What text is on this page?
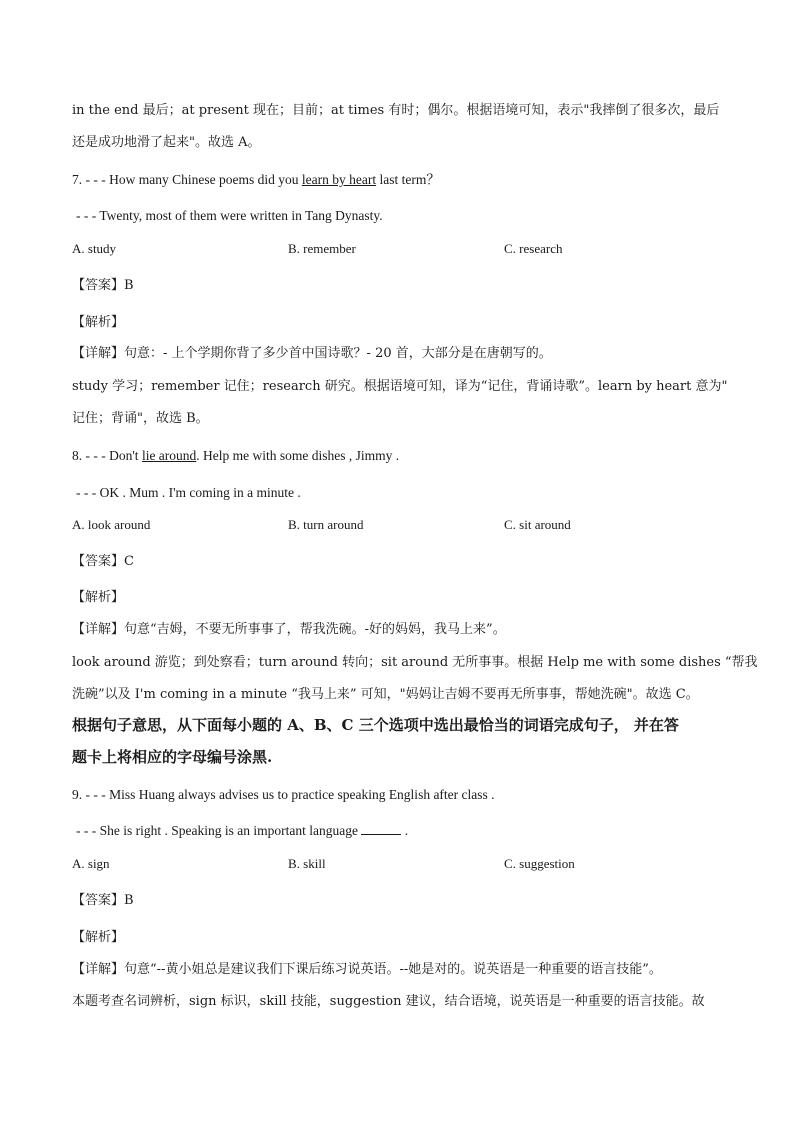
in the end 最后；at present 现在；目前；at times 有时；偶尔。根据语境可知，表示"我摔倒了很多次，最后
还是成功地滑了起来"。故选 A。
7. - - - How many Chinese poems did you learn by heart last term？
- - - Twenty, most of them were written in Tang Dynasty.
A. study	B. remember	C. research
【答案】B
【解析】
【详解】句意：- 上个学期你背了多少首中国诗歌？- 20 首，大部分是在唐朝写的。
study 学习；remember 记住；research 研究。根据语境可知，译为“记住，背诵诗歌”。learn by heart 意为"
记住；背诵"，故选 B。
8. - - - Don't lie around. Help me with some dishes , Jimmy .
- - - OK . Mum . I'm coming in a minute .
A. look around	B. turn around	C. sit around
【答案】C
【解析】
【详解】句意“吉姆，不要无所事事了，帮我洗碗。-好的妈妈，我马上来”。
look around 游览；到处察看；turn around 转向；sit around 无所事事。根据 Help me with some dishes “帮我
洗碗”以及 I'm coming in a minute “我马上来” 可知，"妈妈让吉姆不要再无所事事，帮她洗碗"。故选 C。
根据句子意思，从下面每小题的 A、B、C 三个选项中选出最恰当的词语完成句子， 并在答
题卡上将相应的字母编号涂黑.
9. - - - Miss Huang always advises us to practice speaking English after class .
- - - She is right . Speaking is an important language	.
A. sign	B. skill	C. suggestion
【答案】B
【解析】
【详解】句意“--黄小姐总是建议我们下课后练习说英语。--她是对的。说英语是一种重要的语言技能”。
本题考查名词辨析，sign 标识，skill 技能，suggestion 建议，结合语境，说英语是一种重要的语言技能。故
